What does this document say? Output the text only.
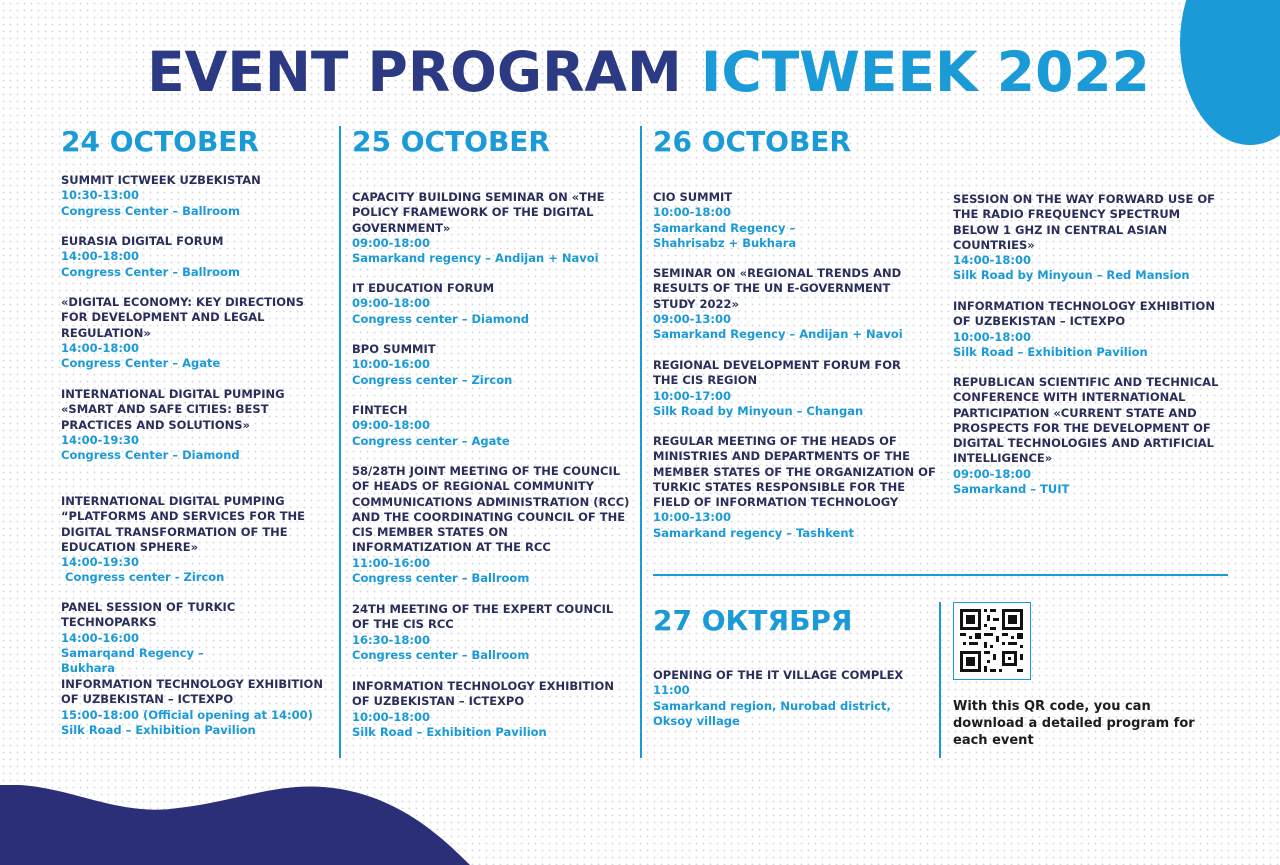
EVENT PROGRAM ICTWEEK 2022
24 OCTOBER
SUMMIT ICTWEEK UZBEKISTAN
10:30-13:00
Congress Center – Ballroom
EURASIA DIGITAL FORUM
14:00-18:00
Congress Center – Ballroom
«DIGITAL ECONOMY: KEY DIRECTIONS FOR DEVELOPMENT AND LEGAL REGULATION»
14:00-18:00
Congress Center – Agate
INTERNATIONAL DIGITAL PUMPING «SMART AND SAFE CITIES: BEST PRACTICES AND SOLUTIONS»
14:00-19:30
Congress Center – Diamond
INTERNATIONAL DIGITAL PUMPING “PLATFORMS AND SERVICES FOR THE DIGITAL TRANSFORMATION OF THE EDUCATION SPHERE»
14:00-19:30
Congress center - Zircon
PANEL SESSION OF TURKIC TECHNOPARKS
14:00-16:00
Samarqand Regency – Bukhara
INFORMATION TECHNOLOGY EXHIBITION OF UZBEKISTAN – ICTEXPO
15:00-18:00 (Official opening at 14:00)
Silk Road – Exhibition Pavilion
25 OCTOBER
CAPACITY BUILDING SEMINAR ON «THE POLICY FRAMEWORK OF THE DIGITAL GOVERNMENT»
09:00-18:00
Samarkand regency – Andijan + Navoi
IT EDUCATION FORUM
09:00-18:00
Congress center – Diamond
BPO SUMMIT
10:00-16:00
Congress center – Zircon
FINTECH
09:00-18:00
Congress center – Agate
58/28TH JOINT MEETING OF THE COUNCIL OF HEADS OF REGIONAL COMMUNITY COMMUNICATIONS ADMINISTRATION (RCC) AND THE COORDINATING COUNCIL OF THE CIS MEMBER STATES ON INFORMATIZATION AT THE RCC
11:00-16:00
Congress center – Ballroom
24TH MEETING OF THE EXPERT COUNCIL OF THE CIS RCC
16:30-18:00
Congress center – Ballroom
INFORMATION TECHNOLOGY EXHIBITION OF UZBEKISTAN – ICTEXPO
10:00-18:00
Silk Road – Exhibition Pavilion
26 OCTOBER
CIO SUMMIT
10:00-18:00
Samarkand Regency –
Shahrisabz + Bukhara
SEMINAR ON «REGIONAL TRENDS AND RESULTS OF THE UN E-GOVERNMENT STUDY 2022»
09:00-13:00
Samarkand Regency – Andijan + Navoi
REGIONAL DEVELOPMENT FORUM FOR THE CIS REGION
10:00-17:00
Silk Road by Minyoun – Changan
REGULAR MEETING OF THE HEADS OF MINISTRIES AND DEPARTMENTS OF THE MEMBER STATES OF THE ORGANIZATION OF TURKIC STATES RESPONSIBLE FOR THE FIELD OF INFORMATION TECHNOLOGY
10:00-13:00
Samarkand regency – Tashkent
SESSION ON THE WAY FORWARD USE OF THE RADIO FREQUENCY SPECTRUM BELOW 1 GHZ IN CENTRAL ASIAN COUNTRIES»
14:00-18:00
Silk Road by Minyoun – Red Mansion
INFORMATION TECHNOLOGY EXHIBITION OF UZBEKISTAN – ICTEXPO
10:00-18:00
Silk Road – Exhibition Pavilion
REPUBLICAN SCIENTIFIC AND TECHNICAL CONFERENCE WITH INTERNATIONAL PARTICIPATION «CURRENT STATE AND PROSPECTS FOR THE DEVELOPMENT OF DIGITAL TECHNOLOGIES AND ARTIFICIAL INTELLIGENCE»
09:00-18:00
Samarkand – TUIT
27 ОКТЯБРЯ
OPENING OF THE IT VILLAGE COMPLEX
11:00
Samarkand region, Nurobad district,
Oksoy village
With this QR code, you can download a detailed program for each event
